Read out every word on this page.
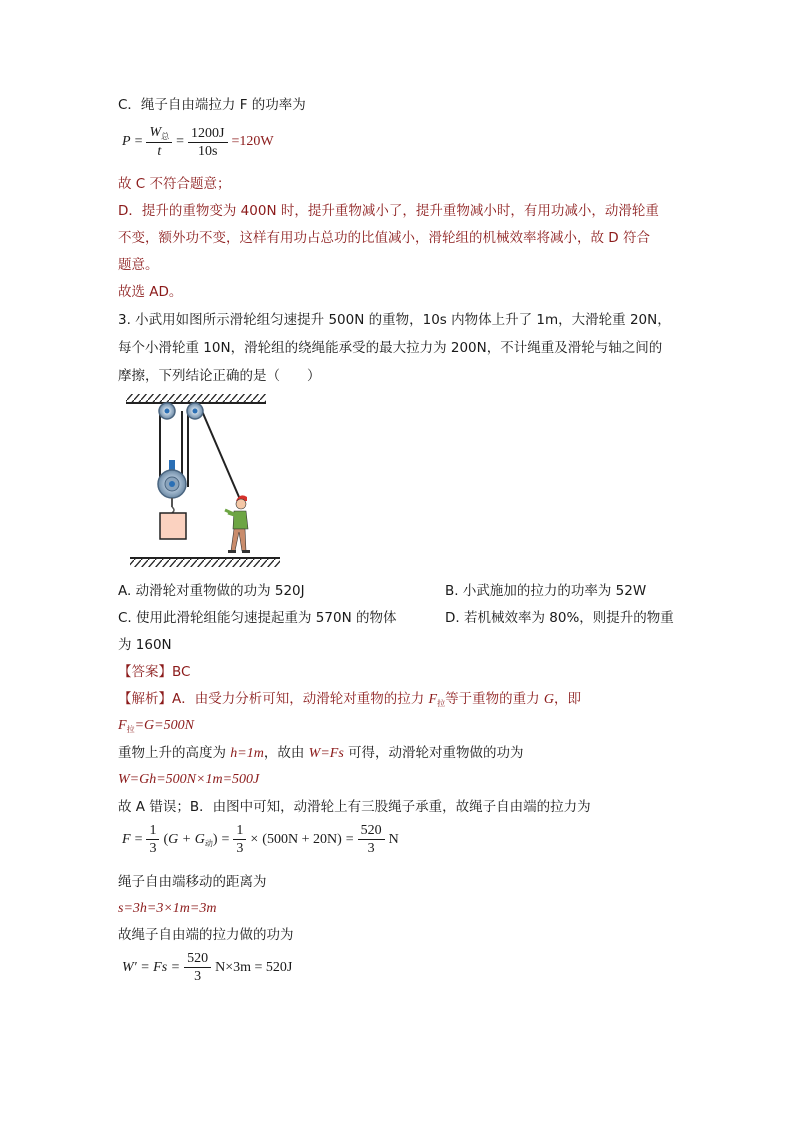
C．绳子自由端拉力 F 的功率为
$P = \frac{W_总}{t} = \frac{1200J}{10s} =120W$
故 C 不符合题意；
D．提升的重物变为 400N 时，提升重物减小了，提升重物减小时，有用功减小，动滑轮重
不变，额外功不变，这样有用功占总功的比值减小，滑轮组的机械效率将减小，故 D 符合
题意。
故选 AD。
3. 小武用如图所示滑轮组匀速提升 500N 的重物，10s 内物体上升了 1m，大滑轮重 20N，
每个小滑轮重 10N，滑轮组的绕绳能承受的最大拉力为 200N，不计绳重及滑轮与轴之间的
摩擦，下列结论正确的是（　　）
A. 动滑轮对重物做的功为 520J	B. 小武施加的拉力的功率为 52W
C. 使用此滑轮组能匀速提起重为 570N 的物体	D. 若机械效率为 80%，则提升的物重
为 160N
【答案】BC
【解析】A．由受力分析可知，动滑轮对重物的拉力 $F_拉$等于重物的重力 G，即
$F_拉=G=500N$
重物上升的高度为 h=1m，故由 W=Fs 可得，动滑轮对重物做的功为
W=Gh=500N×1m=500J
故 A 错误；B．由图中可知，动滑轮上有三股绳子承重，故绳子自由端的拉力为
$F = \frac{1}{3} (G + G_动) = \frac{1}{3} \times (500N + 20N) = \frac{520}{3}$ N
绳子自由端移动的距离为
s=3h=3×1m=3m
故绳子自由端的拉力做的功为
$W' = Fs = \frac{520}{3} N\times 3m = 520J$
